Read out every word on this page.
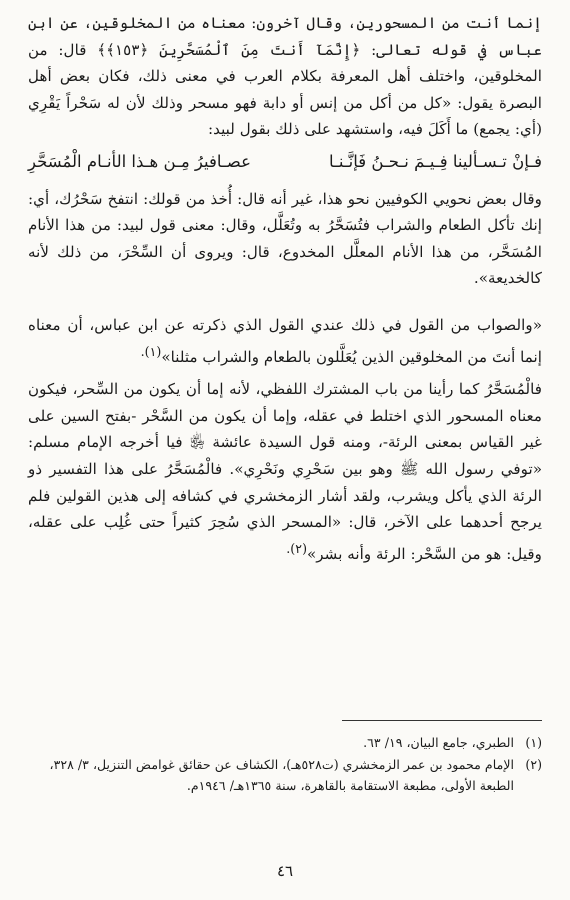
إنما أنت من المسحورين، وقال آخرون: معناه من المخلوقين، عن ابن عباس في قوله تعالى: ﴿إِنَّمَآ أَنتَ مِنَ ٱلْمُسَحَّرِينَ ﴿١٥٣﴾﴾ قال: من المخلوقين، واختلف أهل المعرفة بكلام العرب في معنى ذلك، فكان بعض أهل البصرة يقول: «كل من أكل من إنس أو دابة فهو مسحر وذلك لأن له سَحْراً يَقْرِي (أي: يجمع) ما أَكَلَ فيه، واستشهد على ذلك بقول لبيد:

فـإنْ تـسـألينا فِـيـمَ نـحـنُ فَإنَّـنـا
عصـافيرُ مِـن هـذا الأنـام الْمُسَحَّرِ

وقال بعض نحويي الكوفيين نحو هذا، غير أنه قال: أُخذ من قولك: انتفخ سَحْرُك، أي: إنك تأكل الطعام والشراب فتُسَحَّرُ به وتُعَلَّل، وقال: معنى قول لبيد: من هذا الأنام المُسَحَّر، من هذا الأنام المعلَّل المخدوع، قال: ويروى أن السِّحْرَ، من ذلك لأنه كالخديعة».

«والصواب من القول في ذلك عندي القول الذي ذكرته عن ابن عباس، أن معناه إنما أنتَ من المخلوقين الذين يُعَلَّلون بالطعام والشراب مثلنا»$^{(١).}$

فالْمُسَحَّرُ كما رأينا من باب المشترك اللفظي، لأنه إما أن يكون من السِّحر، فيكون معناه المسحور الذي اختلط في عقله، وإما أن يكون من السَّحْر -بفتح السين على غير القياس بمعنى الرئة-، ومنه قول السيدة عائشة ﵂ فيا أخرجه الإمام مسلم: «توفي رسول الله ﷺ وهو بين سَحْرِي ونَحْرِي». فالْمُسَحَّرُ على هذا التفسير ذو الرئة الذي يأكل ويشرب، ولقد أشار الزمخشري في كشافه إلى هذين القولين فلم يرجح أحدهما على الآخر، قال: «المسحر الذي سُحِرَ كثيراً حتى غُلِب على عقله، وقيل: هو من السَّحْر: الرئة وأنه بشر»$^{(٢).}$

(١)
الطبري، جامع البيان، ١٩/ ٦٣.

(٢)
الإمام محمود بن عمر الزمخشري (ت٥٢٨هـ)، الكشاف عن حقائق غوامض التنزيل، ٣/ ٣٢٨،

الطبعة الأولى، مطبعة الاستقامة بالقاهرة، سنة ١٣٦٥هـ/ ١٩٤٦م.

٤٦
